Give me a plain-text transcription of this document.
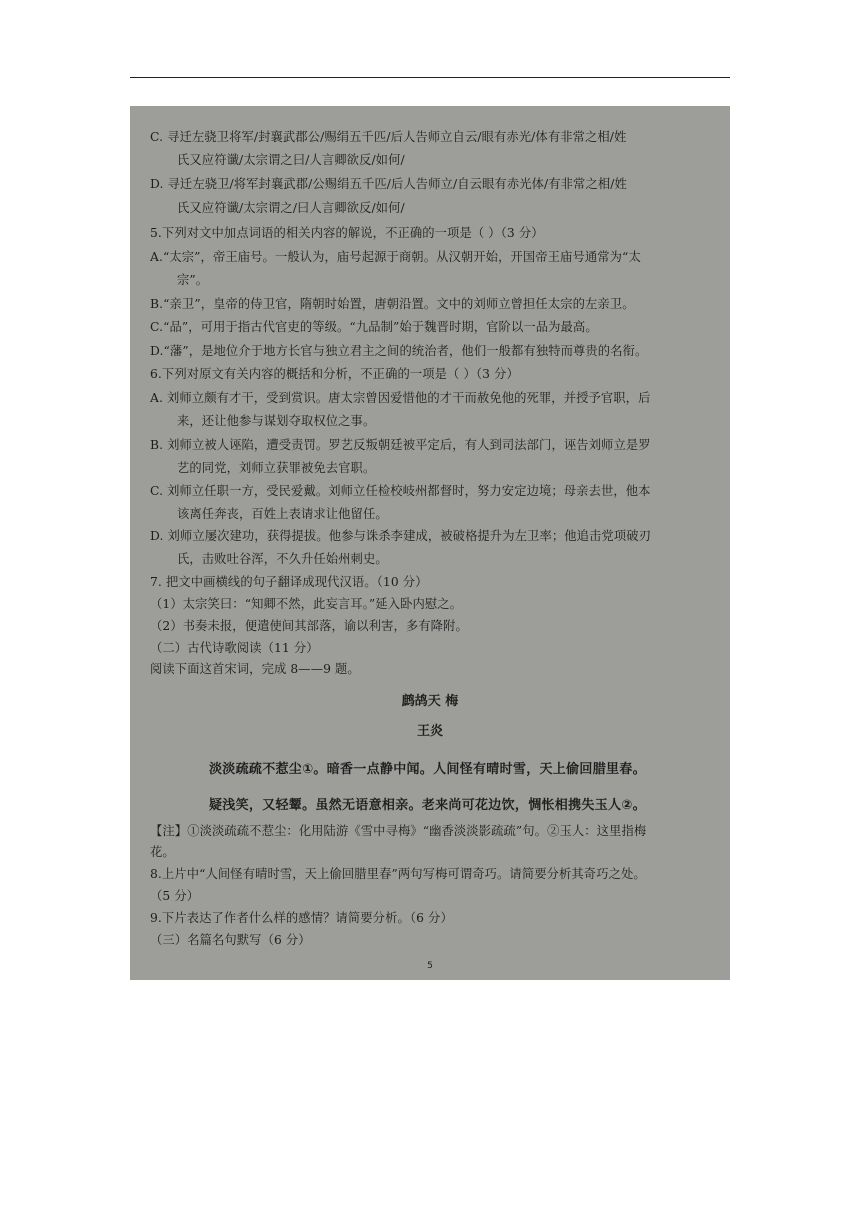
C. 寻迁左骁卫将军/封襄武郡公/赐绢五千匹/后人告师立自云/眼有赤光/体有非常之相/姓
氏又应符谶/太宗谓之曰/人言卿欲反/如何/
D. 寻迁左骁卫/将军封襄武郡/公赐绢五千匹/后人告师立/自云眼有赤光体/有非常之相/姓
氏又应符谶/太宗谓之/曰人言卿欲反/如何/
5.下列对文中加点词语的相关内容的解说，不正确的一项是（ ）（3 分）
A.“太宗”，帝王庙号。一般认为，庙号起源于商朝。从汉朝开始，开国帝王庙号通常为“太
宗”。
B.“亲卫”，皇帝的侍卫官，隋朝时始置，唐朝沿置。文中的刘师立曾担任太宗的左亲卫。
C.“品”，可用于指古代官吏的等级。“九品制”始于魏晋时期，官阶以一品为最高。
D.“藩”，是地位介于地方长官与独立君主之间的统治者，他们一般都有独特而尊贵的名衔。
6.下列对原文有关内容的概括和分析，不正确的一项是（ ）（3 分）
A. 刘师立颇有才干，受到赏识。唐太宗曾因爱惜他的才干而赦免他的死罪，并授予官职，后
来，还让他参与谋划夺取权位之事。
B. 刘师立被人诬陷，遭受责罚。罗艺反叛朝廷被平定后，有人到司法部门，诬告刘师立是罗
艺的同党，刘师立获罪被免去官职。
C. 刘师立任职一方，受民爱戴。刘师立任检校岐州都督时，努力安定边境；母亲去世，他本
该离任奔丧，百姓上表请求让他留任。
D. 刘师立屡次建功，获得提拔。他参与诛杀李建成，被破格提升为左卫率；他追击党项破刃
氏，击败吐谷浑，不久升任始州刺史。
7. 把文中画横线的句子翻译成现代汉语。（10 分）
（1）太宗笑曰：“知卿不然，此妄言耳。”延入卧内慰之。
（2）书奏未报，便遣使间其部落，谕以利害，多有降附。
（二）古代诗歌阅读（11 分）
阅读下面这首宋词，完成 8——9 题。
鹧鸪天 梅
王炎
淡淡疏疏不惹尘①。暗香一点静中闻。人间怪有晴时雪，天上偷回腊里春。
疑浅笑，又轻颦。虽然无语意相亲。老来尚可花边饮，惆怅相携失玉人②。
【注】①淡淡疏疏不惹尘：化用陆游《雪中寻梅》“幽香淡淡影疏疏”句。②玉人：这里指梅
花。
8.上片中“人间怪有晴时雪，天上偷回腊里春”两句写梅可谓奇巧。请简要分析其奇巧之处。
（5 分）
9.下片表达了作者什么样的感情？请简要分析。（6 分）
（三）名篇名句默写（6 分）
5
